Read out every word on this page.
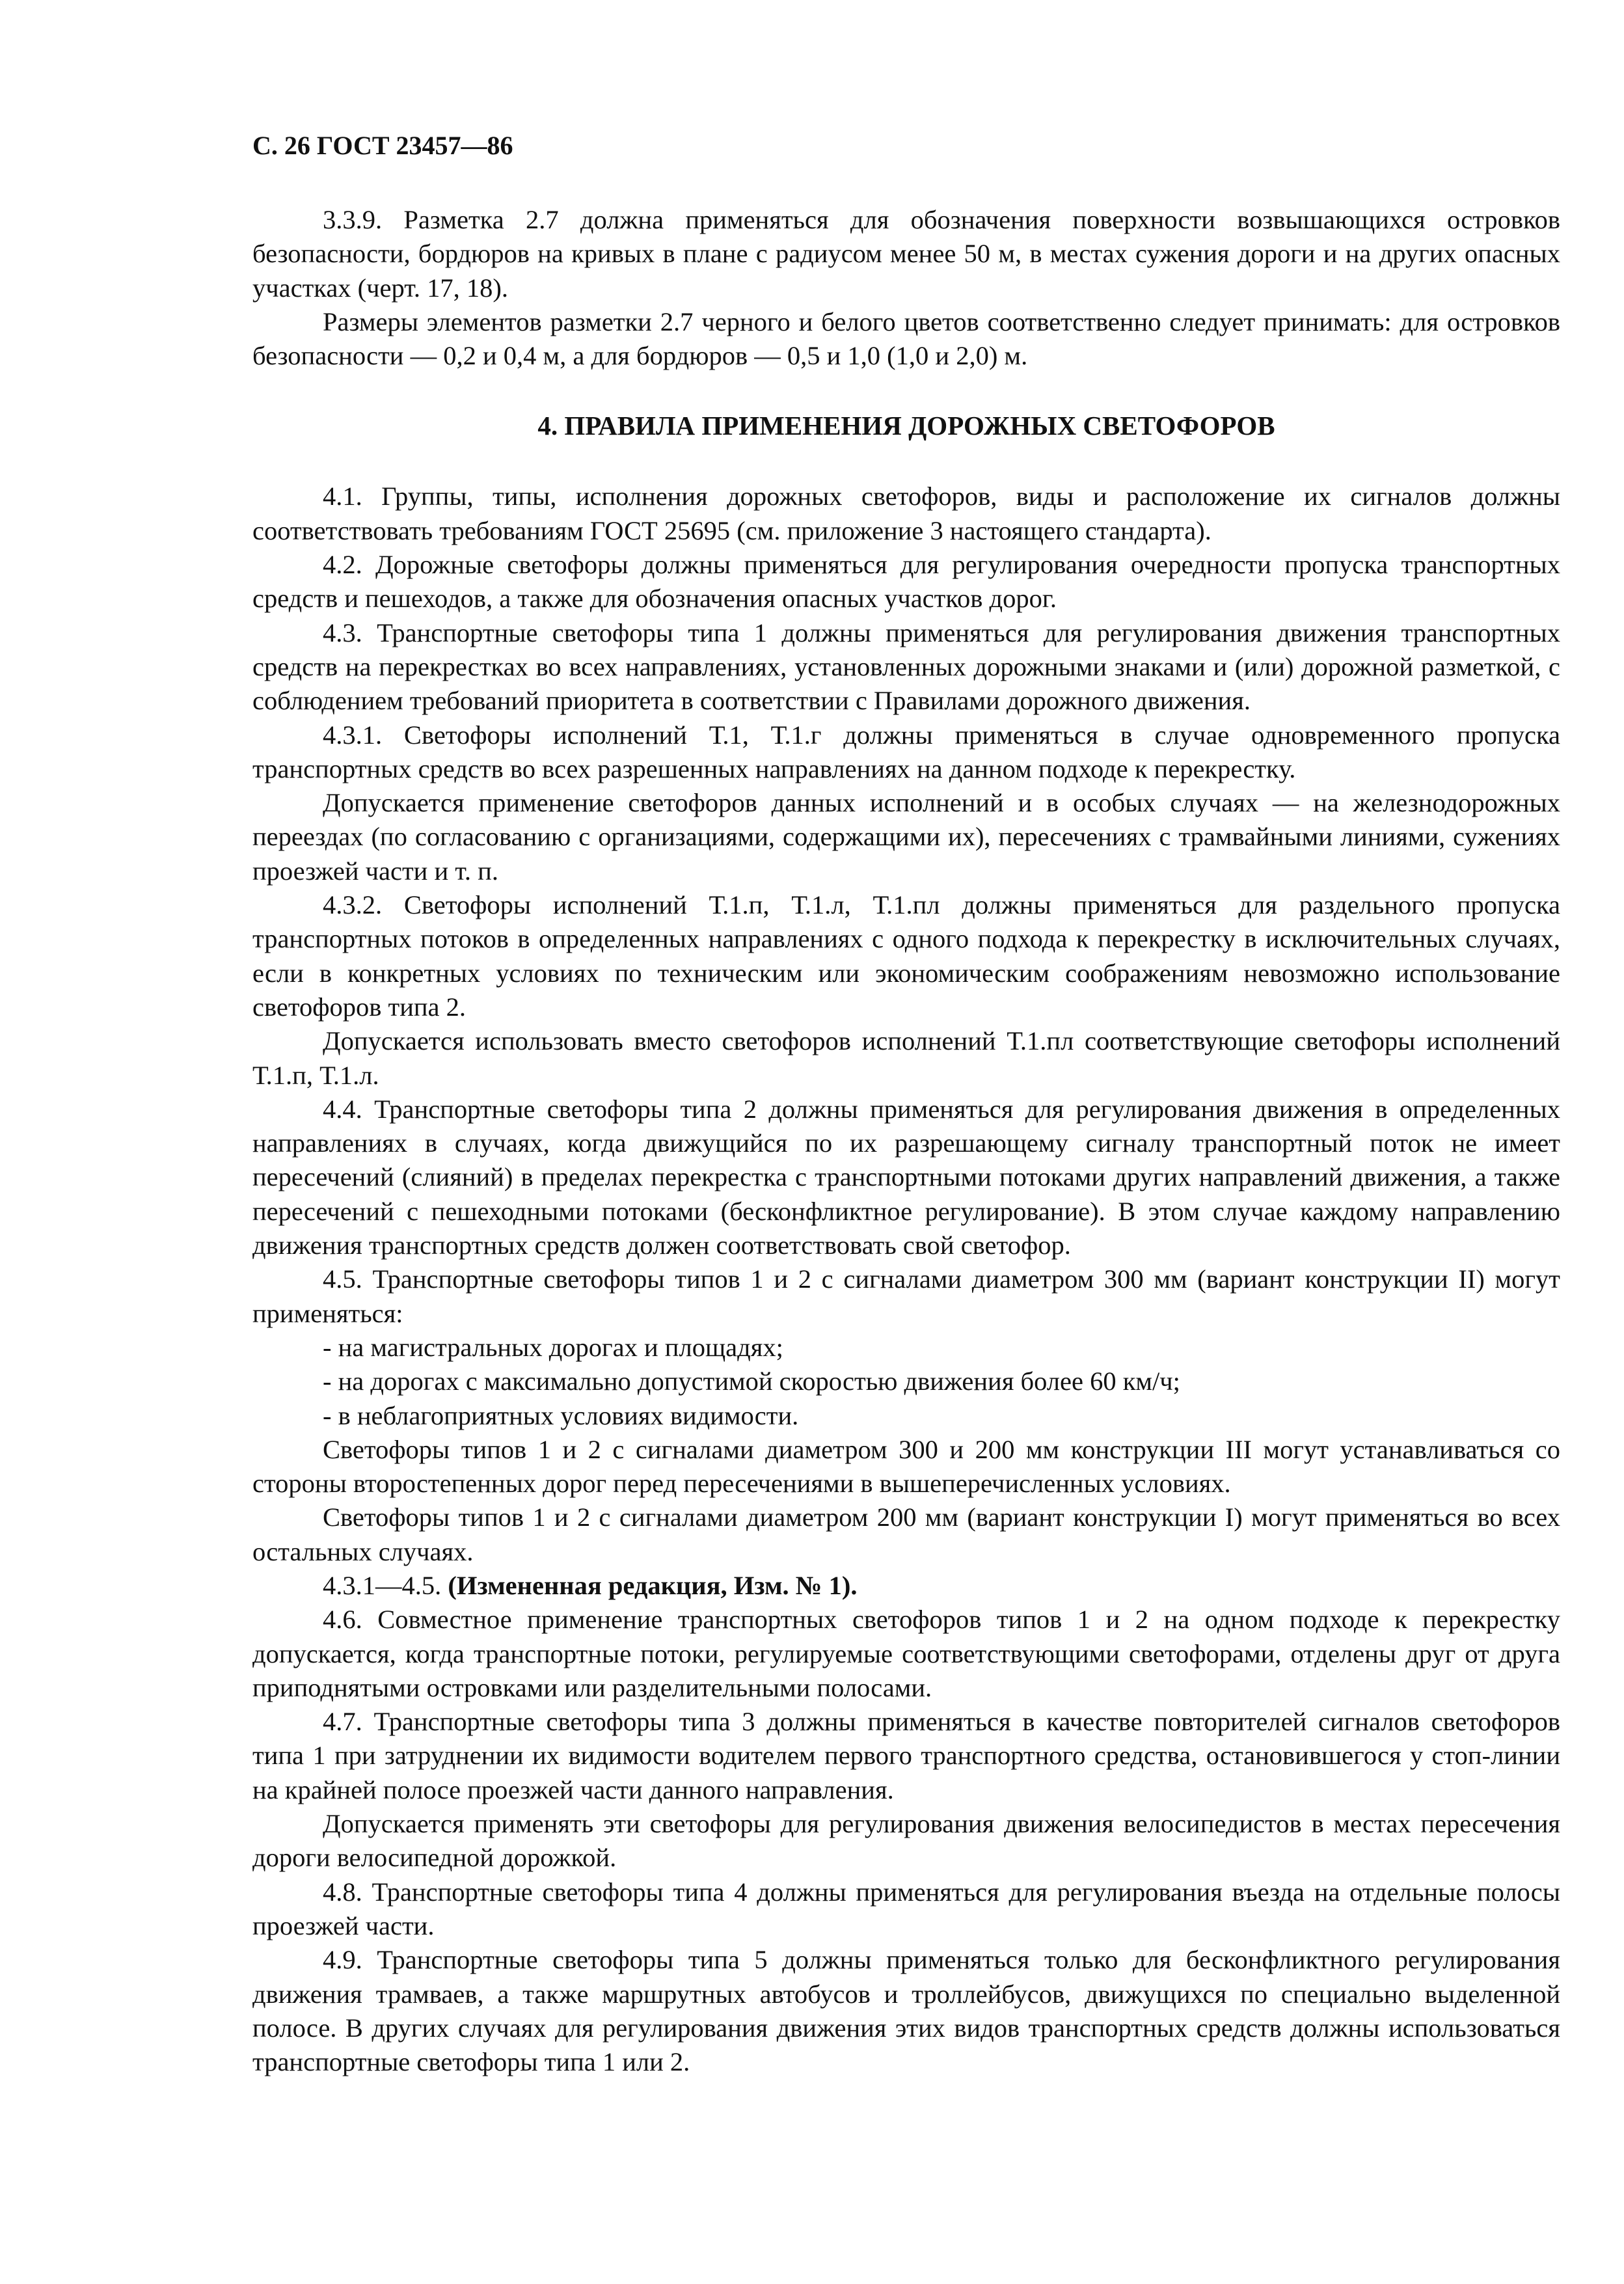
С. 26 ГОСТ 23457—86

3.3.9. Разметка 2.7 должна применяться для обозначения поверхности возвышающихся островков безопасности, бордюров на кривых в плане с радиусом менее 50 м, в местах сужения дороги и на других опасных участках (черт. 17, 18).

Размеры элементов разметки 2.7 черного и белого цветов соответственно следует принимать: для островков безопасности — 0,2 и 0,4 м, а для бордюров — 0,5 и 1,0 (1,0 и 2,0) м.

4. ПРАВИЛА ПРИМЕНЕНИЯ ДОРОЖНЫХ СВЕТОФОРОВ

4.1. Группы, типы, исполнения дорожных светофоров, виды и расположение их сигналов должны соответствовать требованиям ГОСТ 25695 (см. приложение 3 настоящего стандарта).

4.2. Дорожные светофоры должны применяться для регулирования очередности пропуска транспортных средств и пешеходов, а также для обозначения опасных участков дорог.

4.3. Транспортные светофоры типа 1 должны применяться для регулирования движения транспортных средств на перекрестках во всех направлениях, установленных дорожными знаками и (или) дорожной разметкой, с соблюдением требований приоритета в соответствии с Правилами дорожного движения.

4.3.1. Светофоры исполнений Т.1, Т.1.г должны применяться в случае одновременного пропуска транспортных средств во всех разрешенных направлениях на данном подходе к перекрестку.

Допускается применение светофоров данных исполнений и в особых случаях — на железнодорожных переездах (по согласованию с организациями, содержащими их), пересечениях с трамвайными линиями, сужениях проезжей части и т. п.

4.3.2. Светофоры исполнений Т.1.п, Т.1.л, Т.1.пл должны применяться для раздельного пропуска транспортных потоков в определенных направлениях с одного подхода к перекрестку в исключительных случаях, если в конкретных условиях по техническим или экономическим соображениям невозможно использование светофоров типа 2.

Допускается использовать вместо светофоров исполнений Т.1.пл соответствующие светофоры исполнений Т.1.п, Т.1.л.

4.4. Транспортные светофоры типа 2 должны применяться для регулирования движения в определенных направлениях в случаях, когда движущийся по их разрешающему сигналу транспортный поток не имеет пересечений (слияний) в пределах перекрестка с транспортными потоками других направлений движения, а также пересечений с пешеходными потоками (бесконфликтное регулирование). В этом случае каждому направлению движения транспортных средств должен соответствовать свой светофор.

4.5. Транспортные светофоры типов 1 и 2 с сигналами диаметром 300 мм (вариант конструкции II) могут применяться:

- на магистральных дорогах и площадях;

- на дорогах с максимально допустимой скоростью движения более 60 км/ч;

- в неблагоприятных условиях видимости.

Светофоры типов 1 и 2 с сигналами диаметром 300 и 200 мм конструкции III могут устанавливаться со стороны второстепенных дорог перед пересечениями в вышеперечисленных условиях.

Светофоры типов 1 и 2 с сигналами диаметром 200 мм (вариант конструкции I) могут применяться во всех остальных случаях.

4.3.1—4.5. (Измененная редакция, Изм. № 1).

4.6. Совместное применение транспортных светофоров типов 1 и 2 на одном подходе к перекрестку допускается, когда транспортные потоки, регулируемые соответствующими светофорами, отделены друг от друга приподнятыми островками или разделительными полосами.

4.7. Транспортные светофоры типа 3 должны применяться в качестве повторителей сигналов светофоров типа 1 при затруднении их видимости водителем первого транспортного средства, остановившегося у стоп-линии на крайней полосе проезжей части данного направления.

Допускается применять эти светофоры для регулирования движения велосипедистов в местах пересечения дороги велосипедной дорожкой.

4.8. Транспортные светофоры типа 4 должны применяться для регулирования въезда на отдельные полосы проезжей части.

4.9. Транспортные светофоры типа 5 должны применяться только для бесконфликтного регулирования движения трамваев, а также маршрутных автобусов и троллейбусов, движущихся по специально выделенной полосе. В других случаях для регулирования движения этих видов транспортных средств должны использоваться транспортные светофоры типа 1 или 2.
